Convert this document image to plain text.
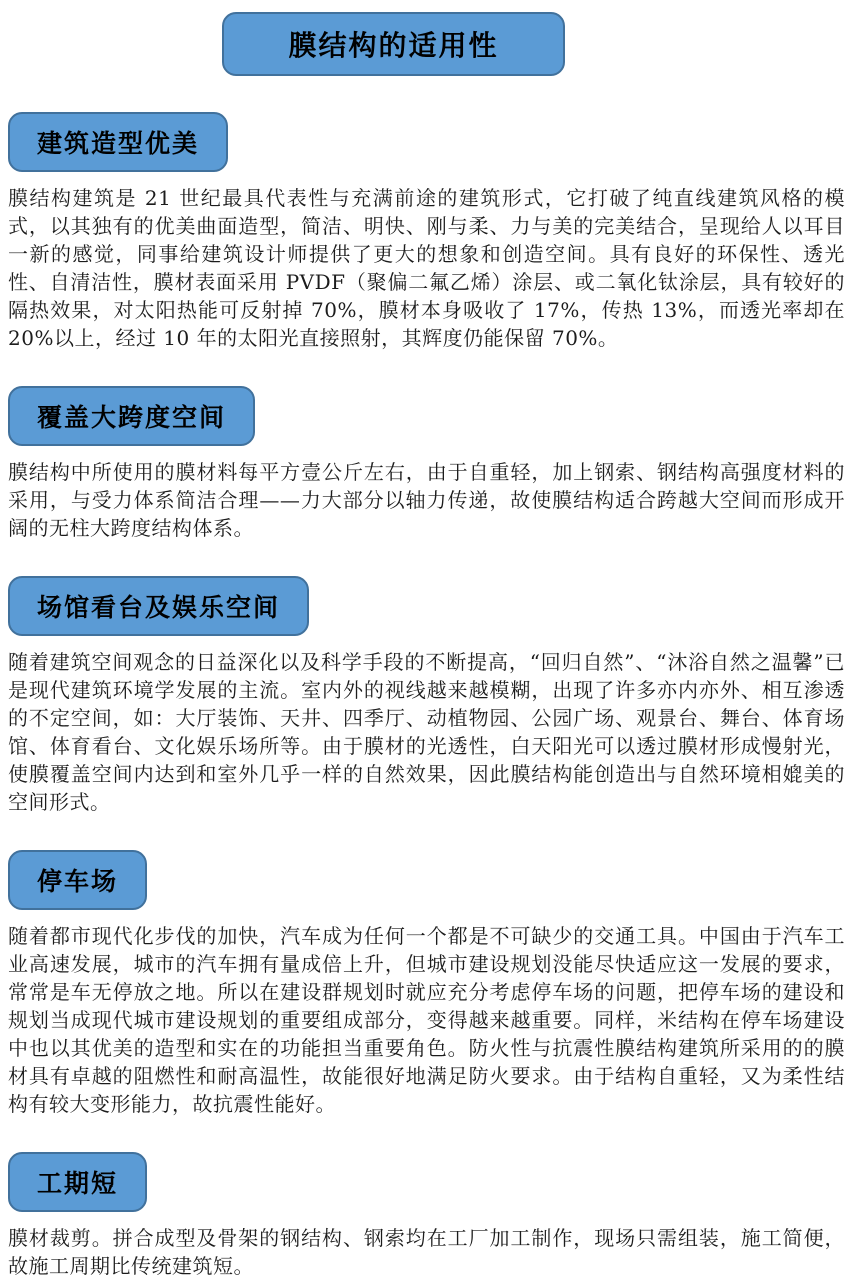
膜结构的适用性
建筑造型优美

膜结构建筑是 21 世纪最具代表性与充满前途的建筑形式，它打破了纯直线建筑风格的模式，以其独有的优美曲面造型，简洁、明快、刚与柔、力与美的完美结合，呈现给人以耳目一新的感觉，同事给建筑设计师提供了更大的想象和创造空间。具有良好的环保性、透光性、自清洁性，膜材表面采用 PVDF（聚偏二氟乙烯）涂层、或二氧化钛涂层，具有较好的隔热效果，对太阳热能可反射掉 70%，膜材本身吸收了 17%，传热 13%，而透光率却在 20%以上，经过 10 年的太阳光直接照射，其辉度仍能保留 70%。

覆盖大跨度空间

膜结构中所使用的膜材料每平方壹公斤左右，由于自重轻，加上钢索、钢结构高强度材料的采用，与受力体系简洁合理——力大部分以轴力传递，故使膜结构适合跨越大空间而形成开阔的无柱大跨度结构体系。

场馆看台及娱乐空间

随着建筑空间观念的日益深化以及科学手段的不断提高，“回归自然”、“沐浴自然之温馨”已是现代建筑环境学发展的主流。室内外的视线越来越模糊，出现了许多亦内亦外、相互渗透的不定空间，如：大厅装饰、天井、四季厅、动植物园、公园广场、观景台、舞台、体育场馆、体育看台、文化娱乐场所等。由于膜材的光透性，白天阳光可以透过膜材形成慢射光，使膜覆盖空间内达到和室外几乎一样的自然效果，因此膜结构能创造出与自然环境相媲美的空间形式。

停车场

随着都市现代化步伐的加快，汽车成为任何一个都是不可缺少的交通工具。中国由于汽车工业高速发展，城市的汽车拥有量成倍上升，但城市建设规划没能尽快适应这一发展的要求，常常是车无停放之地。所以在建设群规划时就应充分考虑停车场的问题，把停车场的建设和规划当成现代城市建设规划的重要组成部分，变得越来越重要。同样，米结构在停车场建设中也以其优美的造型和实在的功能担当重要角色。防火性与抗震性膜结构建筑所采用的的膜材具有卓越的阻燃性和耐高温性，故能很好地满足防火要求。由于结构自重轻，又为柔性结构有较大变形能力，故抗震性能好。

工期短

膜材裁剪。拼合成型及骨架的钢结构、钢索均在工厂加工制作，现场只需组装，施工简便，故施工周期比传统建筑短。
